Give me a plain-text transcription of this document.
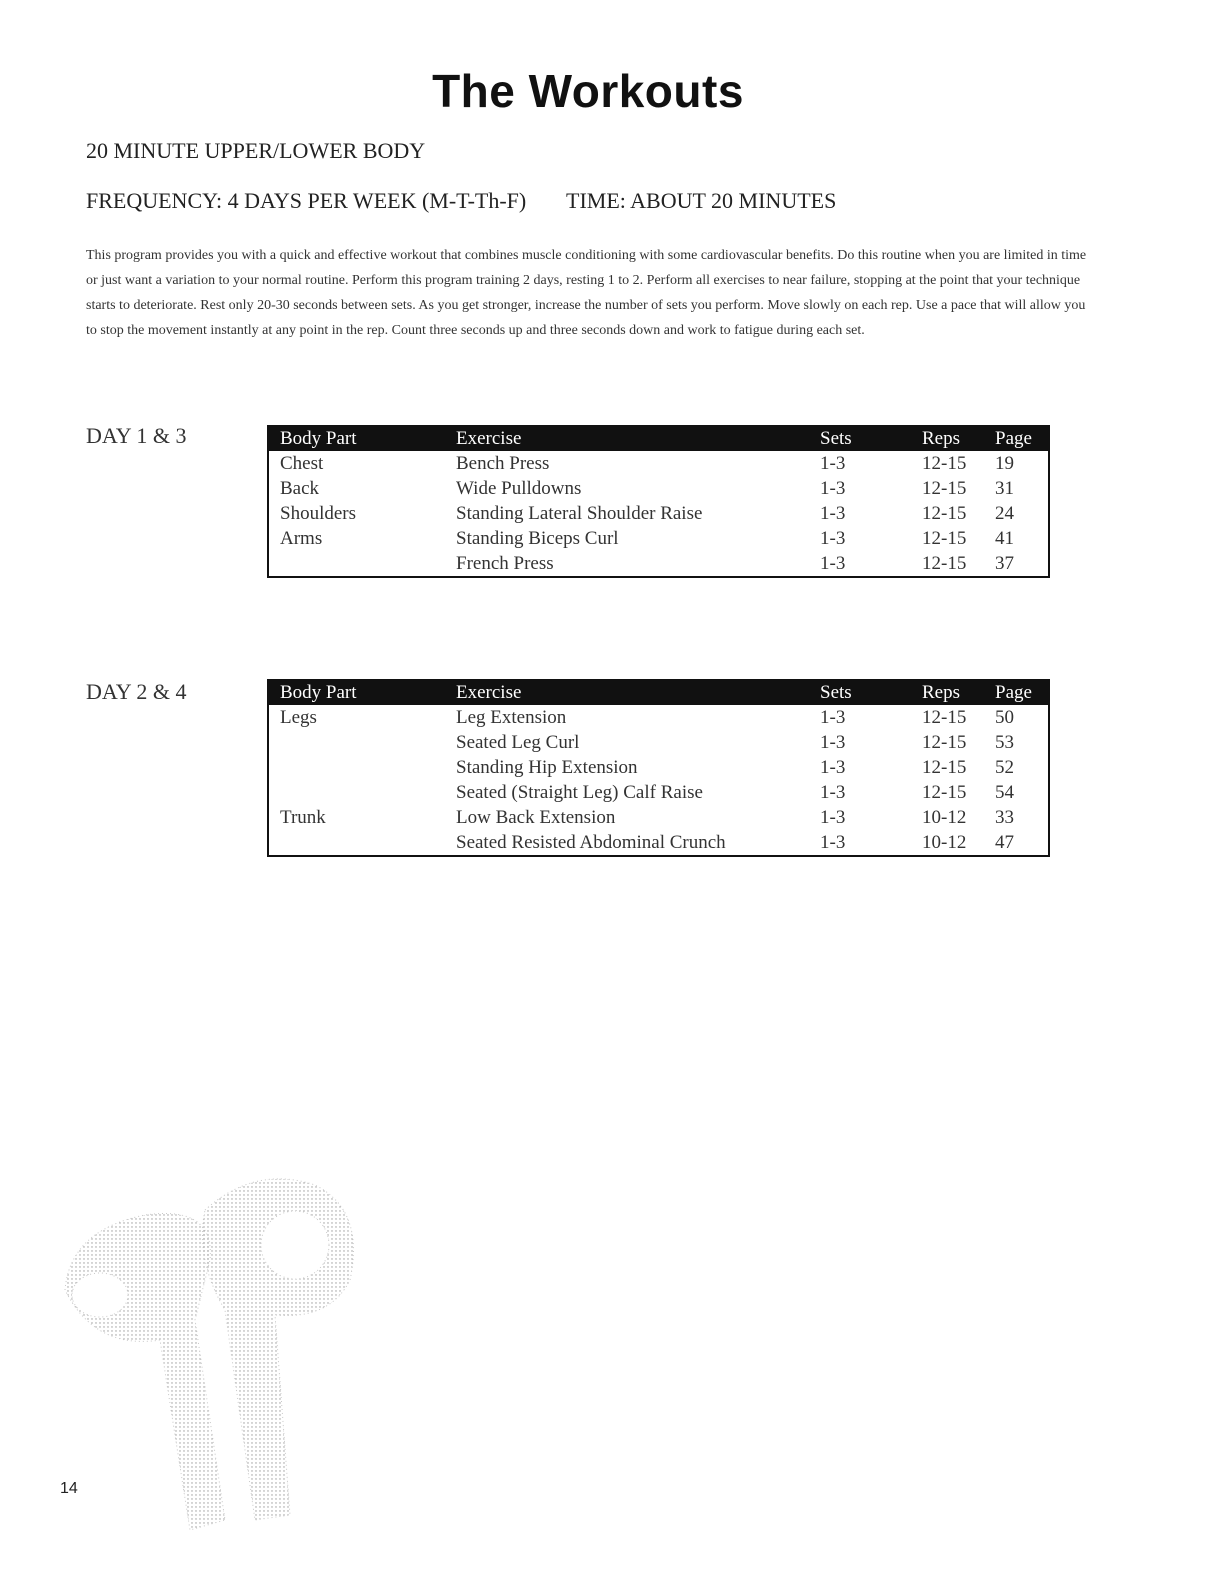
The Workouts
20 MINUTE UPPER/LOWER BODY
FREQUENCY: 4 DAYS PER WEEK (M-T-Th-F) TIME: ABOUT 20 MINUTES

This program provides you with a quick and effective workout that combines muscle conditioning with some cardiovascular benefits. Do this routine when you are limited in time or just want a variation to your normal routine. Perform this program training 2 days, resting 1 to 2. Perform all exercises to near failure, stopping at the point that your technique starts to deteriorate. Rest only 20-30 seconds between sets. As you get stronger, increase the number of sets you perform. Move slowly on each rep. Use a pace that will allow you to stop the movement instantly at any point in the rep. Count three seconds up and three seconds down and work to fatigue during each set.

DAY 1 & 3	Body Part	Exercise	Sets	Reps	Page
Chest	Bench Press	1-3	12-15	19
Back	Wide Pulldowns	1-3	12-15	31
Shoulders	Standing Lateral Shoulder Raise	1-3	12-15	24
Arms	Standing Biceps Curl	1-3	12-15	41
	French Press	1-3	12-15	37
DAY 2 & 4	Body Part	Exercise	Sets	Reps	Page
Legs	Leg Extension	1-3	12-15	50
	Seated Leg Curl	1-3	12-15	53
	Standing Hip Extension	1-3	12-15	52
	Seated (Straight Leg) Calf Raise	1-3	12-15	54
Trunk	Low Back Extension	1-3	10-12	33
	Seated Resisted Abdominal Crunch	1-3	10-12	47
14
